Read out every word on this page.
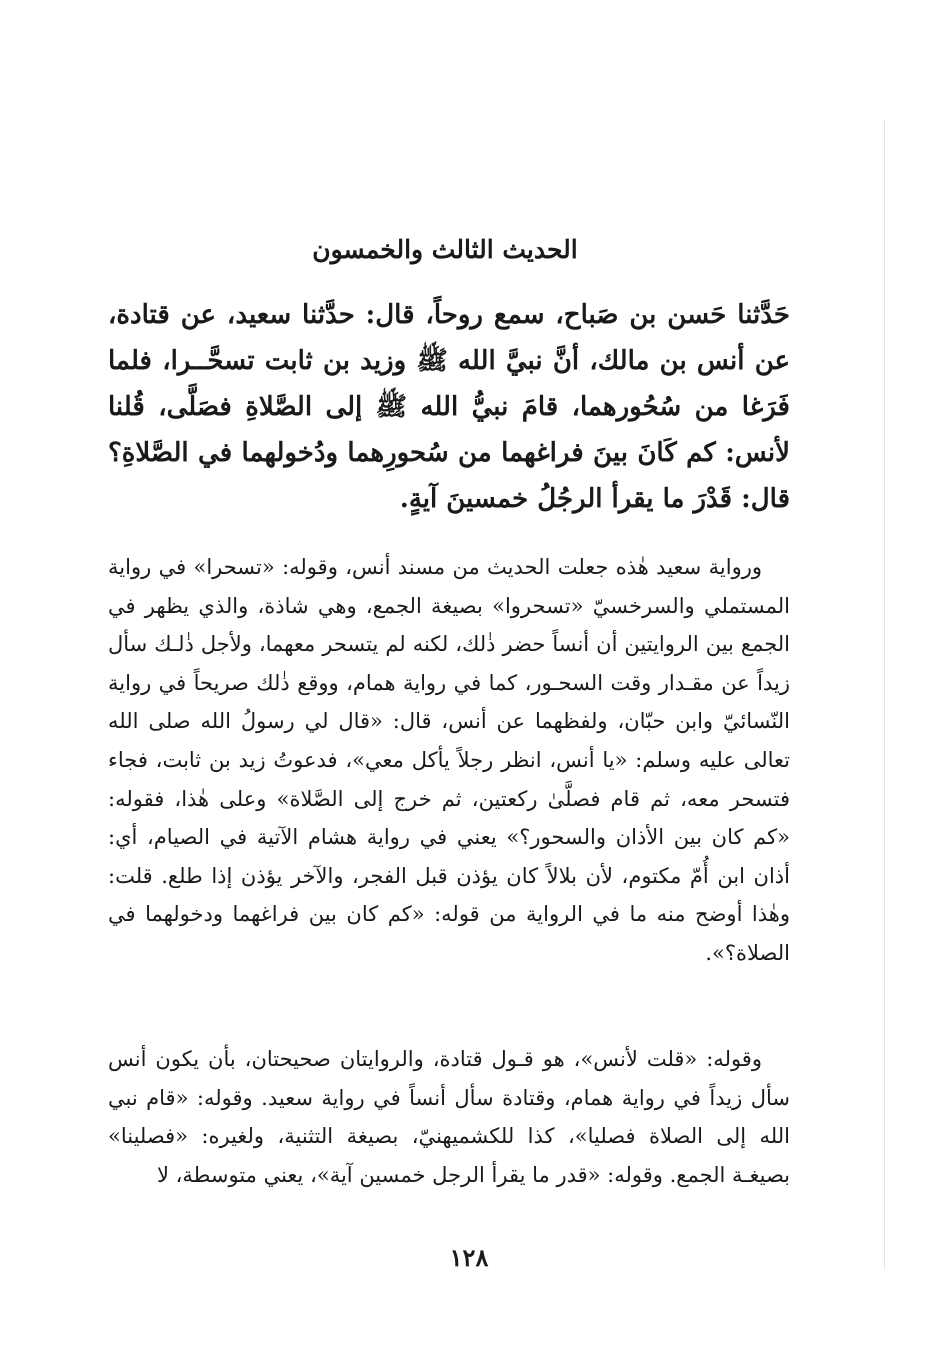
الحديث الثالث والخمسون

حَدَّثنا حَسن بن صَباح، سمع روحاً، قال: حدَّثنا سعيد، عن قتادة، عن أنس بن مالك، أنَّ نبيَّ الله ﷺ وزيد بن ثابت تسحَّــرا، فلما فَرَغا من سُحُورهما، قامَ نبيُّ الله ﷺ إلى الصَّلاةِ فصَلَّى، قُلنا لأنس: كم كَانَ بينَ فراغهما من سُحورِهما ودُخولهما في الصَّلاةِ؟ قال: قَدْرَ ما يقرأ الرجُلُ خمسينَ آيةٍ.

ورواية سعيد هٰذه جعلت الحديث من مسند أنس، وقوله: «تسحرا» في رواية المستملي والسرخسيّ «تسحروا» بصيغة الجمع، وهي شاذة، والذي يظهر في الجمع بين الروايتين أن أنساً حضر ذٰلك، لكنه لم يتسحر معهما، ولأجل ذٰلـك سأل زيداً عن مقـدار وقت السحـور، كما في رواية همام، ووقع ذٰلك صريحاً في رواية النّسائيّ وابن حبّان، ولفظهما عن أنس، قال: «قال لي رسولُ الله صلى الله تعالى عليه وسلم: «يا أنس، انظر رجلاً يأكل معي»، فدعوتُ زيد بن ثابت، فجاء فتسحر معه، ثم قام فصلَّىٰ ركعتين، ثم خرج إلى الصَّلاة» وعلى هٰذا، فقوله: «كم كان بين الأذان والسحور؟» يعني في رواية هشام الآتية في الصيام، أي: أذان ابن أُمّ مكتوم، لأن بلالاً كان يؤذن قبل الفجر، والآخر يؤذن إذا طلع. قلت: وهٰذا أوضح منه ما في الرواية من قوله: «كم كان بين فراغهما ودخولهما في الصلاة؟».

وقوله: «قلت لأنس»، هو قـول قتادة، والروايتان صحيحتان، بأن يكون أنس سأل زيداً في رواية همام، وقتادة سأل أنساً في رواية سعيد. وقوله: «قام نبي الله إلى الصلاة فصليا»، كذا للكشميهنيّ، بصيغة التثنية، ولغيره: «فصلينا» بصيغـة الجمع. وقوله: «قدر ما يقرأ الرجل خمسين آية»، يعني متوسطة، لا

١٢٨
